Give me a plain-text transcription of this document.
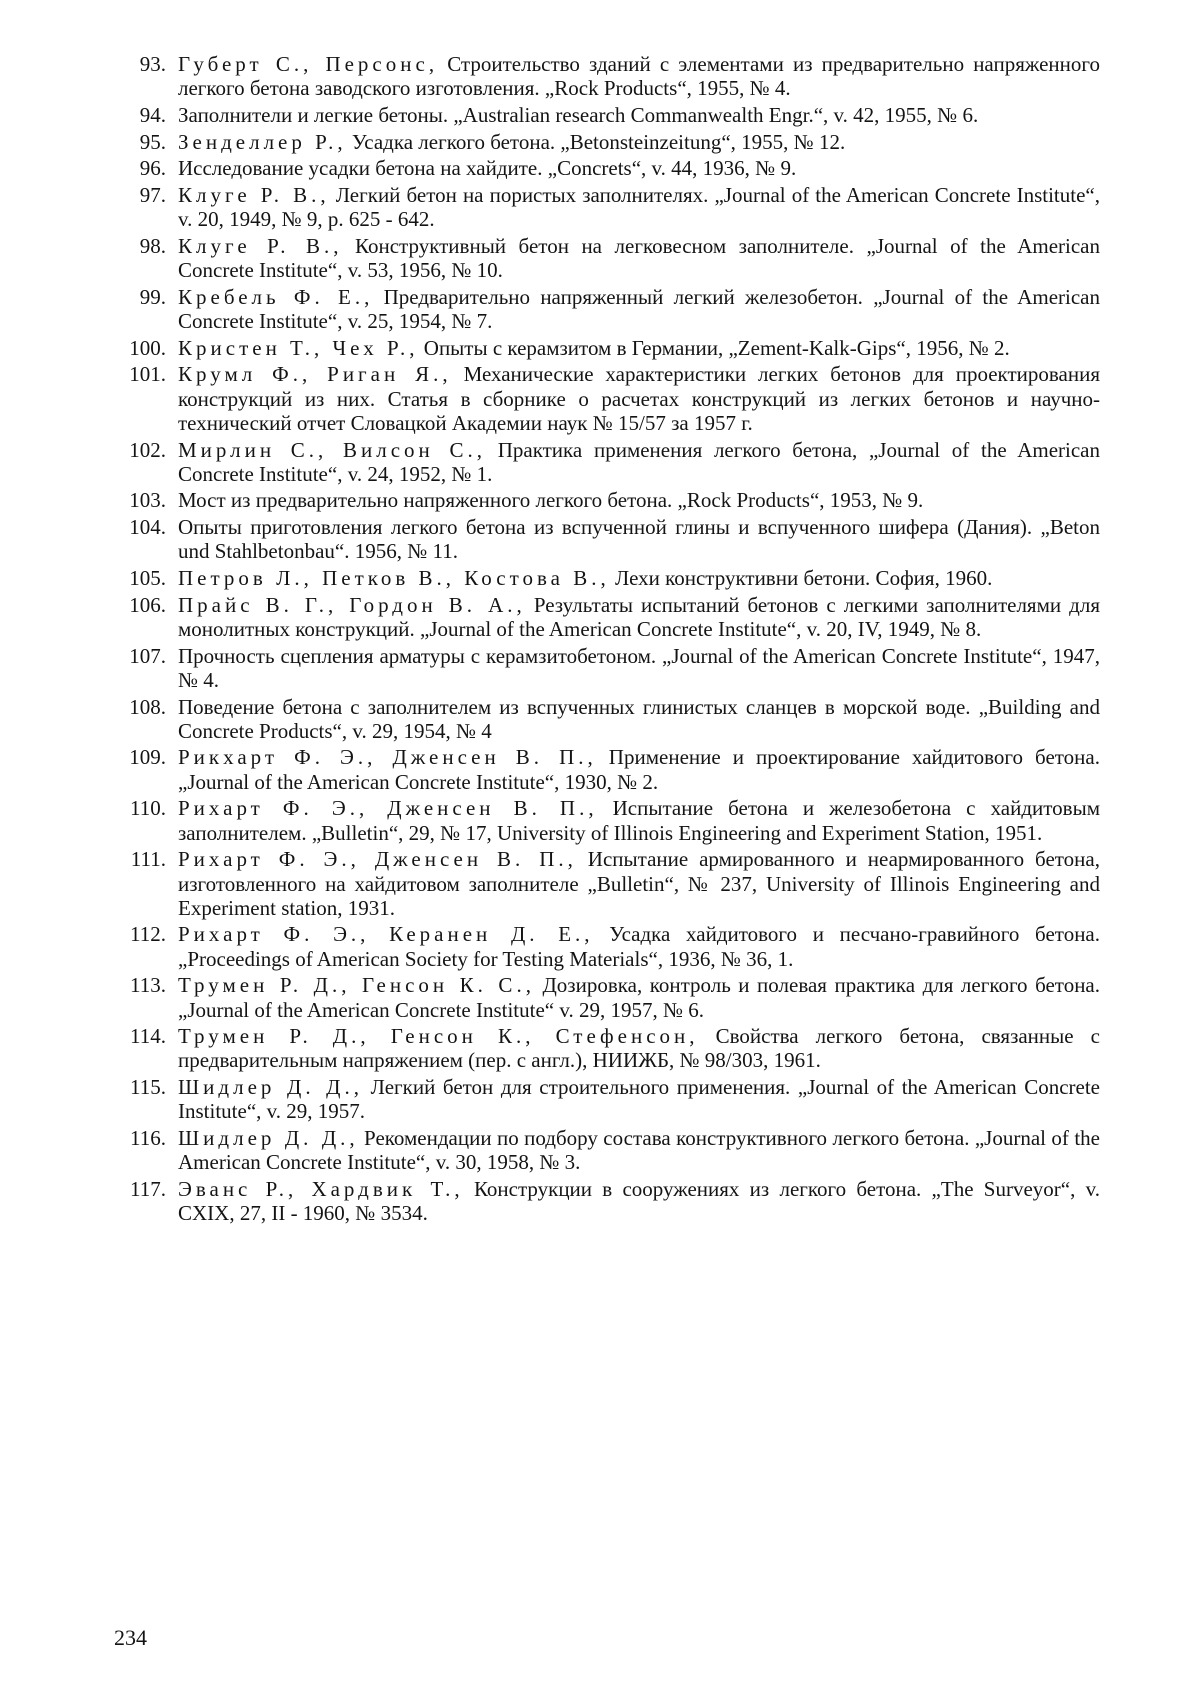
93. Губерт С., Персонс, Строительство зданий с элементами из предварительно напряженного легкого бетона заводского изготовления. „Rock Products“, 1955, № 4.
94. Заполнители и легкие бетоны. „Australian research Commanwealth Engr.“, v. 42, 1955, № 6.
95. Зенделлер Р., Усадка легкого бетона. „Betonsteinzeitung“, 1955, № 12.
96. Исследование усадки бетона на хайдите. „Concrets“, v. 44, 1936, № 9.
97. Клуге Р. В., Легкий бетон на пористых заполнителях. „Journal of the American Concrete Institute“, v. 20, 1949, № 9, p. 625 - 642.
98. Клуге Р. В., Конструктивный бетон на легковесном заполнителе. „Journal of the American Concrete Institute“, v. 53, 1956, № 10.
99. Кребель Ф. Е., Предварительно напряженный легкий железобетон. „Journal of the American Concrete Institute“, v. 25, 1954, № 7.
100. Кристен Т., Чех Р., Опыты с керамзитом в Германии, „Zement-Kalk-Gips“, 1956, № 2.
101. Крумл Ф., Риган Я., Механические характеристики легких бетонов для проектирования конструкций из них. Статья в сборнике о расчетах конструкций из легких бетонов и научно-технический отчет Словацкой Академии наук № 15/57 за 1957 г.
102. Мирлин С., Вилсон С., Практика применения легкого бетона, „Journal of the American Concrete Institute“, v. 24, 1952, № 1.
103. Мост из предварительно напряженного легкого бетона. „Rock Products“, 1953, № 9.
104. Опыты приготовления легкого бетона из вспученной глины и вспученного шифера (Дания). „Beton und Stahlbetonbau“. 1956, № 11.
105. Петров Л., Петков В., Костова В., Лехи конструктивни бетони. София, 1960.
106. Прайс В. Г., Гордон В. А., Результаты испытаний бетонов с легкими заполнителями для монолитных конструкций. „Journal of the American Concrete Institute“, v. 20, IV, 1949, № 8.
107. Прочность сцепления арматуры с керамзитобетоном. „Journal of the American Concrete Institute“, 1947, № 4.
108. Поведение бетона с заполнителем из вспученных глинистых сланцев в морской воде. „Building and Concrete Products“, v. 29, 1954, № 4
109. Рикхарт Ф. Э., Дженсен В. П., Применение и проектирование хайдитового бетона. „Journal of the American Concrete Institute“, 1930, № 2.
110. Рихарт Ф. Э., Дженсен В. П., Испытание бетона и железобетона с хайдитовым заполнителем. „Bulletin“, 29, № 17, University of Illinois Engineering and Experiment Station, 1951.
111. Рихарт Ф. Э., Дженсен В. П., Испытание армированного и неармированного бетона, изготовленного на хайдитовом заполнителе „Bulletin“, № 237, University of Illinois Engineering and Experiment station, 1931.
112. Рихарт Ф. Э., Керанен Д. Е., Усадка хайдитового и песчано-гравийного бетона. „Proceedings of American Society for Testing Materials“, 1936, № 36, 1.
113. Трумен Р. Д., Генсон К. С., Дозировка, контроль и полевая практика для легкого бетона. „Journal of the American Concrete Institute“ v. 29, 1957, № 6.
114. Трумен Р. Д., Генсон К., Стефенсон, Свойства легкого бетона, связанные с предварительным напряжением (пер. с англ.), НИИЖБ, № 98/303, 1961.
115. Шидлер Д. Д., Легкий бетон для строительного применения. „Journal of the American Concrete Institute“, v. 29, 1957.
116. Шидлер Д. Д., Рекомендации по подбору состава конструктивного легкого бетона. „Journal of the American Concrete Institute“, v. 30, 1958, № 3.
117. Эванс Р., Хардвик Т., Конструкции в сооружениях из легкого бетона. „The Surveyor“, v. CXIX, 27, II - 1960, № 3534.
234
